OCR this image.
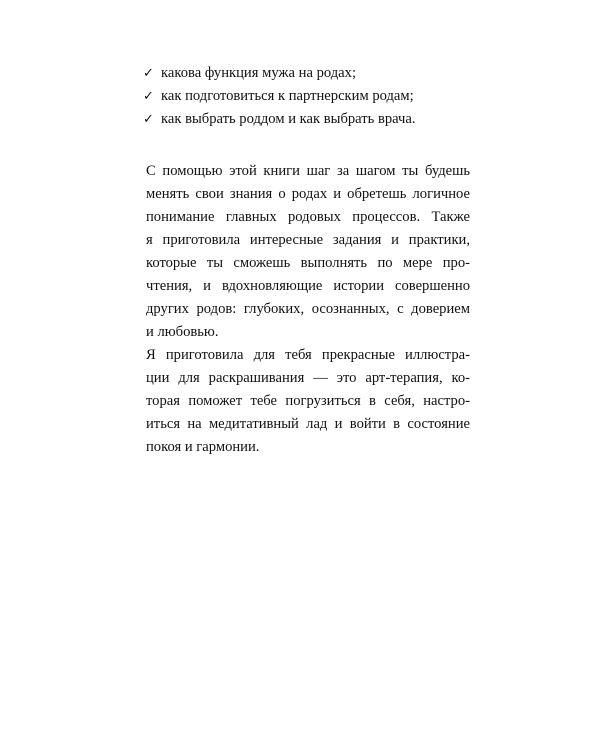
✓ какова функция мужа на родах;
✓ как подготовиться к партнерским родам;
✓ как выбрать роддом и как выбрать врача.
С помощью этой книги шаг за шагом ты будешь
менять свои знания о родах и обретешь логичное
понимание главных родовых процессов. Также
я приготовила интересные задания и практики,
которые ты сможешь выполнять по мере про-
чтения, и вдохновляющие истории совершенно
других родов: глубоких, осознанных, с доверием
и любовью.
Я приготовила для тебя прекрасные иллюстра-
ции для раскрашивания — это арт-терапия, ко-
торая поможет тебе погрузиться в себя, настро-
иться на медитативный лад и войти в состояние
покоя и гармонии.
